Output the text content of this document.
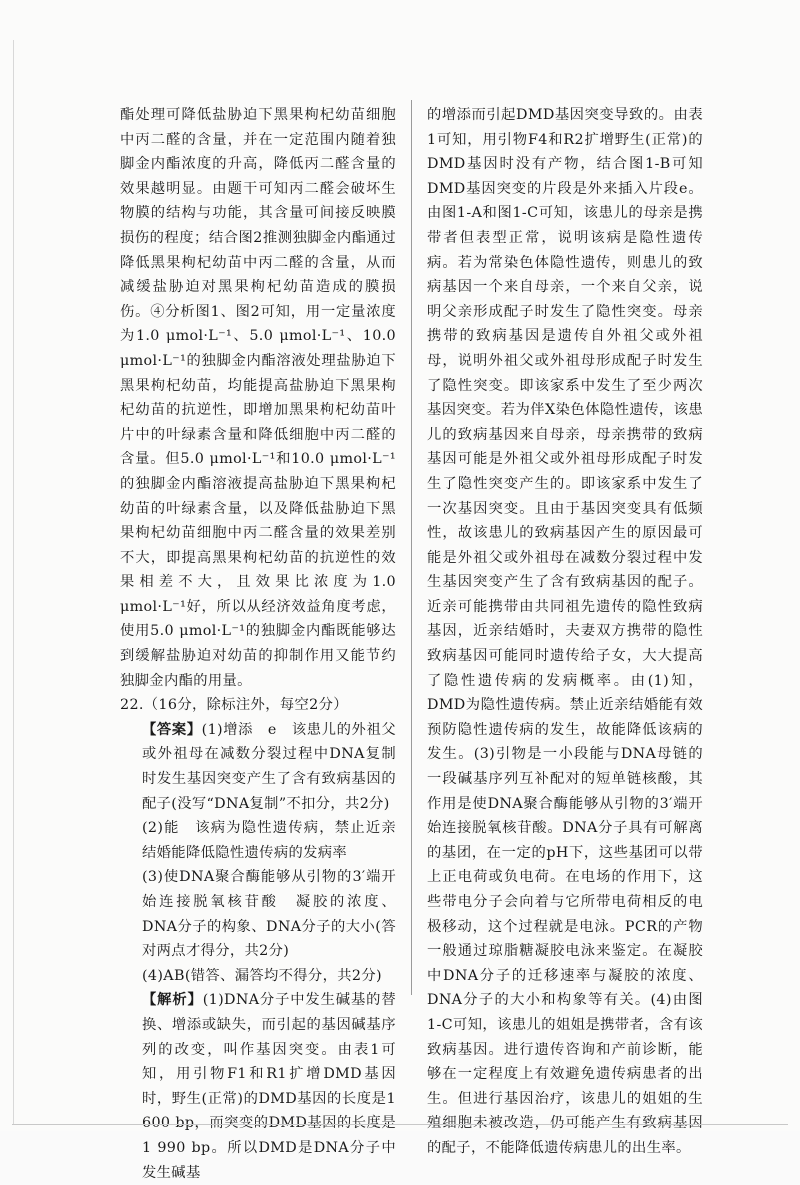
酯处理可降低盐胁迫下黑果枸杞幼苗细胞中丙二醛的含量，并在一定范围内随着独脚金内酯浓度的升高，降低丙二醛含量的效果越明显。由题干可知丙二醛会破坏生物膜的结构与功能，其含量可间接反映膜损伤的程度；结合图2推测独脚金内酯通过降低黑果枸杞幼苗中丙二醛的含量，从而减缓盐胁迫对黑果枸杞幼苗造成的膜损伤。④分析图1、图2可知，用一定量浓度为1.0 μmol·L⁻¹、5.0 μmol·L⁻¹、10.0 μmol·L⁻¹的独脚金内酯溶液处理盐胁迫下黑果枸杞幼苗，均能提高盐胁迫下黑果枸杞幼苗的抗逆性，即增加黑果枸杞幼苗叶片中的叶绿素含量和降低细胞中丙二醛的含量。但5.0 μmol·L⁻¹和10.0 μmol·L⁻¹的独脚金内酯溶液提高盐胁迫下黑果枸杞幼苗的叶绿素含量，以及降低盐胁迫下黑果枸杞幼苗细胞中丙二醛含量的效果差别不大，即提高黑果枸杞幼苗的抗逆性的效果相差不大，且效果比浓度为1.0 μmol·L⁻¹好，所以从经济效益角度考虑，使用5.0 μmol·L⁻¹的独脚金内酯既能够达到缓解盐胁迫对幼苗的抑制作用又能节约独脚金内酯的用量。

22.（16分，除标注外，每空2分）

【答案】(1)增添　e　该患儿的外祖父或外祖母在减数分裂过程中DNA复制时发生基因突变产生了含有致病基因的配子(没写“DNA复制”不扣分，共2分)

(2)能　该病为隐性遗传病，禁止近亲结婚能降低隐性遗传病的发病率

(3)使DNA聚合酶能够从引物的3′端开始连接脱氧核苷酸　凝胶的浓度、DNA分子的构象、DNA分子的大小(答对两点才得分，共2分)

(4)AB(错答、漏答均不得分，共2分)

【解析】(1)DNA分子中发生碱基的替换、增添或缺失，而引起的基因碱基序列的改变，叫作基因突变。由表1可知，用引物F1和R1扩增DMD基因时，野生(正常)的DMD基因的长度是1 600 bp，而突变的DMD基因的长度是1 990 bp。所以DMD是DNA分子中发生碱基

的增添而引起DMD基因突变导致的。由表1可知，用引物F4和R2扩增野生(正常)的DMD基因时没有产物，结合图1-B可知DMD基因突变的片段是外来插入片段e。由图1-A和图1-C可知，该患儿的母亲是携带者但表型正常，说明该病是隐性遗传病。若为常染色体隐性遗传，则患儿的致病基因一个来自母亲，一个来自父亲，说明父亲形成配子时发生了隐性突变。母亲携带的致病基因是遗传自外祖父或外祖母，说明外祖父或外祖母形成配子时发生了隐性突变。即该家系中发生了至少两次基因突变。若为伴X染色体隐性遗传，该患儿的致病基因来自母亲，母亲携带的致病基因可能是外祖父或外祖母形成配子时发生了隐性突变产生的。即该家系中发生了一次基因突变。且由于基因突变具有低频性，故该患儿的致病基因产生的原因最可能是外祖父或外祖母在减数分裂过程中发生基因突变产生了含有致病基因的配子。近亲可能携带由共同祖先遗传的隐性致病基因，近亲结婚时，夫妻双方携带的隐性致病基因可能同时遗传给子女，大大提高了隐性遗传病的发病概率。由(1)知，DMD为隐性遗传病。禁止近亲结婚能有效预防隐性遗传病的发生，故能降低该病的发生。(3)引物是一小段能与DNA母链的一段碱基序列互补配对的短单链核酸，其作用是使DNA聚合酶能够从引物的3′端开始连接脱氧核苷酸。DNA分子具有可解离的基团，在一定的pH下，这些基团可以带上正电荷或负电荷。在电场的作用下，这些带电分子会向着与它所带电荷相反的电极移动，这个过程就是电泳。PCR的产物一般通过琼脂糖凝胶电泳来鉴定。在凝胶中DNA分子的迁移速率与凝胶的浓度、DNA分子的大小和构象等有关。(4)由图1-C可知，该患儿的姐姐是携带者，含有该致病基因。进行遗传咨询和产前诊断，能够在一定程度上有效避免遗传病患者的出生。但进行基因治疗，该患儿的姐姐的生殖细胞未被改造，仍可能产生有致病基因的配子，不能降低遗传病患儿的出生率。
